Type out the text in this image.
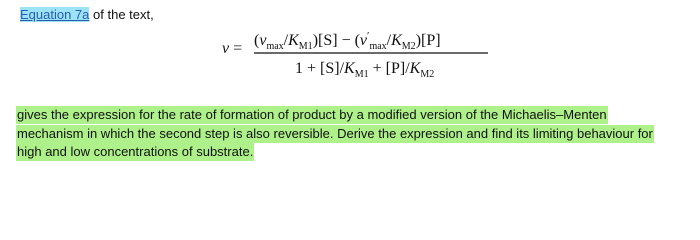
Equation 7a of the text,
$v = (v_{max}/K_{M1})[S] - (v'_{max}/K_{M2})[P]$
$1 + [S]/K_{M1} + [P]/K_{M2}$
gives the expression for the rate of formation of product by a modified version of the Michaelis–Menten
mechanism in which the second step is also reversible. Derive the expression and find its limiting behaviour for
high and low concentrations of substrate.
